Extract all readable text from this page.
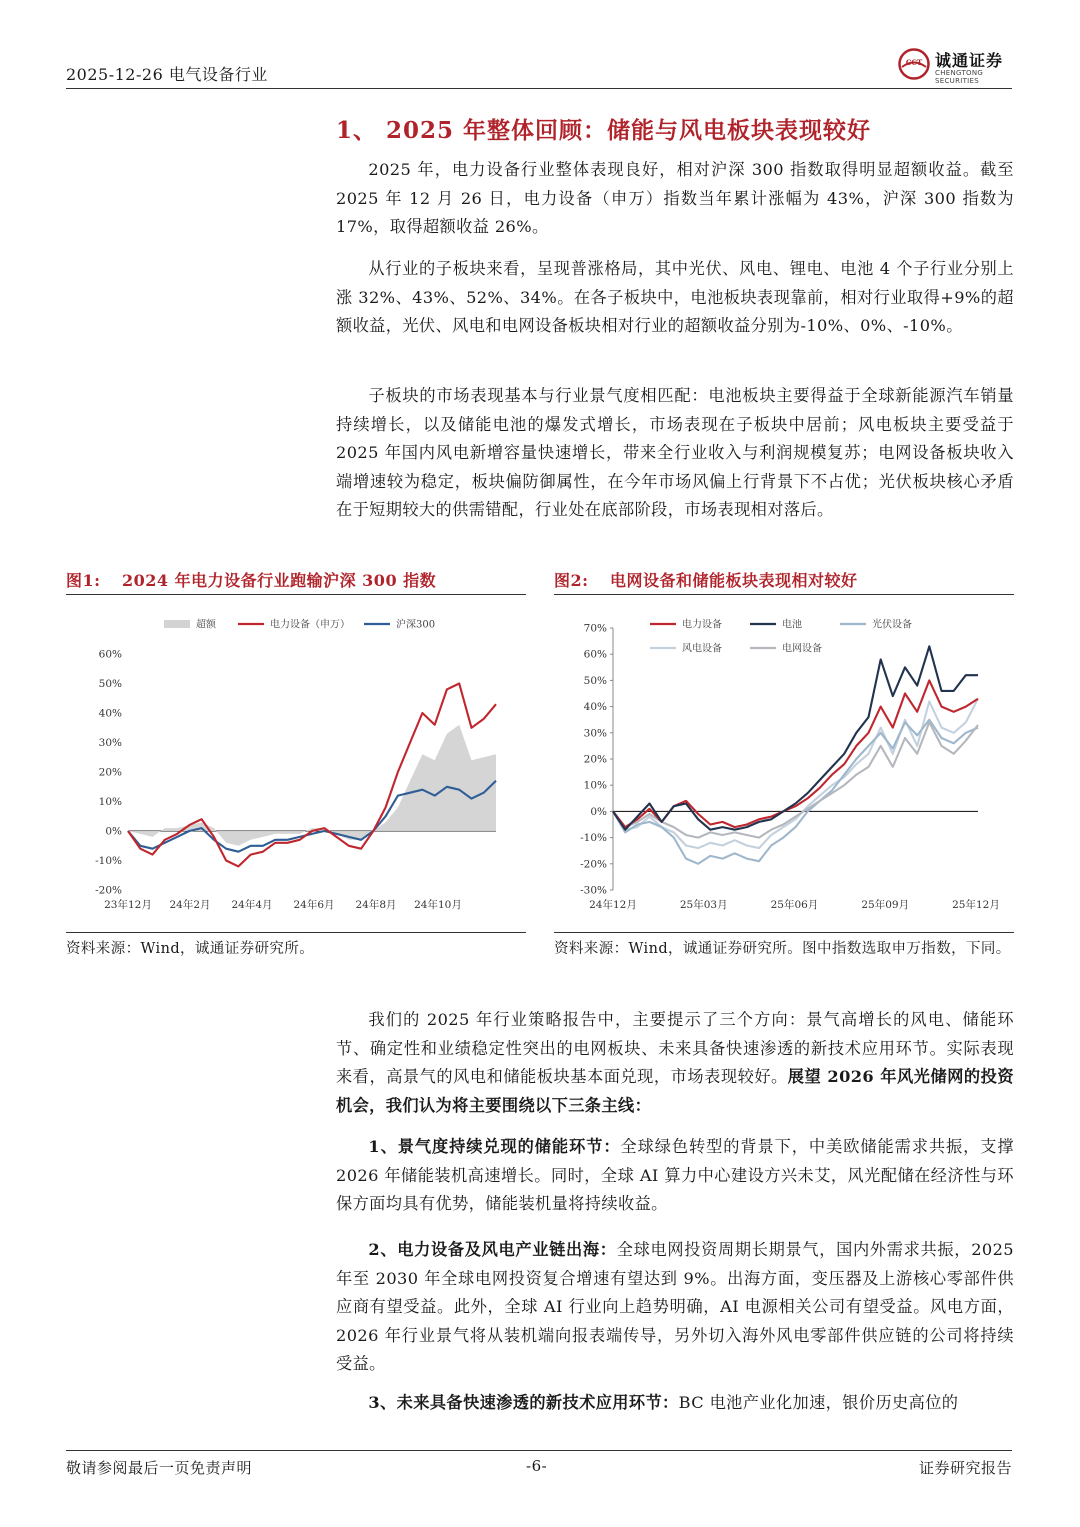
2025-12-26 电气设备行业
CCT 诚通证券
CHENGTONG SECURITIES
1、 2025 年整体回顾：储能与风电板块表现较好

2025 年，电力设备行业整体表现良好，相对沪深 300 指数取得明显超额收益。截至 2025 年 12 月 26 日，电力设备（申万）指数当年累计涨幅为 43%，沪深 300 指数为 17%，取得超额收益 26%。

从行业的子板块来看，呈现普涨格局，其中光伏、风电、锂电、电池 4 个子行业分别上涨 32%、43%、52%、34%。在各子板块中，电池板块表现靠前，相对行业取得+9%的超额收益，光伏、风电和电网设备板块相对行业的超额收益分别为-10%、0%、-10%。

子板块的市场表现基本与行业景气度相匹配：电池板块主要得益于全球新能源汽车销量持续增长，以及储能电池的爆发式增长，市场表现在子板块中居前；风电板块主要受益于 2025 年国内风电新增容量快速增长，带来全行业收入与利润规模复苏；电网设备板块收入端增速较为稳定，板块偏防御属性，在今年市场风偏上行背景下不占优；光伏板块核心矛盾在于短期较大的供需错配，行业处在底部阶段，市场表现相对落后。

图1: 2024 年电力设备行业跑输沪深 300 指数
60%
50%
40%
30%
20%
10%
0%
-10%
-20%
23年12月 24年2月 24年4月 24年6月 24年8月 24年10月
超额	电力设备（申万）	沪深300
资料来源：Wind，诚通证券研究所。
图2: 电网设备和储能板块表现相对较好
70%
60%
50%
40%
30%
20%
10%
0%
-10%
-20%
-30%
24年12月	25年03月	25年06月	25年09月	25年12月
电力设备	电池	光伏设备
风电设备	电网设备
资料来源：Wind，诚通证券研究所。图中指数选取申万指数，下同。

我们的 2025 年行业策略报告中，主要提示了三个方向：景气高增长的风电、储能环节、确定性和业绩稳定性突出的电网板块、未来具备快速渗透的新技术应用环节。实际表现来看，高景气的风电和储能板块基本面兑现，市场表现较好。展望 2026 年风光储网的投资机会，我们认为将主要围绕以下三条主线：

1、景气度持续兑现的储能环节：全球绿色转型的背景下，中美欧储能需求共振，支撑 2026 年储能装机高速增长。同时，全球 AI 算力中心建设方兴未艾，风光配储在经济性与环保方面均具有优势，储能装机量将持续收益。

2、电力设备及风电产业链出海：全球电网投资周期长期景气，国内外需求共振，2025 年至 2030 年全球电网投资复合增速有望达到 9%。出海方面，变压器及上游核心零部件供应商有望受益。此外，全球 AI 行业向上趋势明确，AI 电源相关公司有望受益。风电方面，2026 年行业景气将从装机端向报表端传导，另外切入海外风电零部件供应链的公司将持续受益。

3、未来具备快速渗透的新技术应用环节：BC 电池产业化加速，银价历史高位的

敬请参阅最后一页免责声明	-6-	证券研究报告
